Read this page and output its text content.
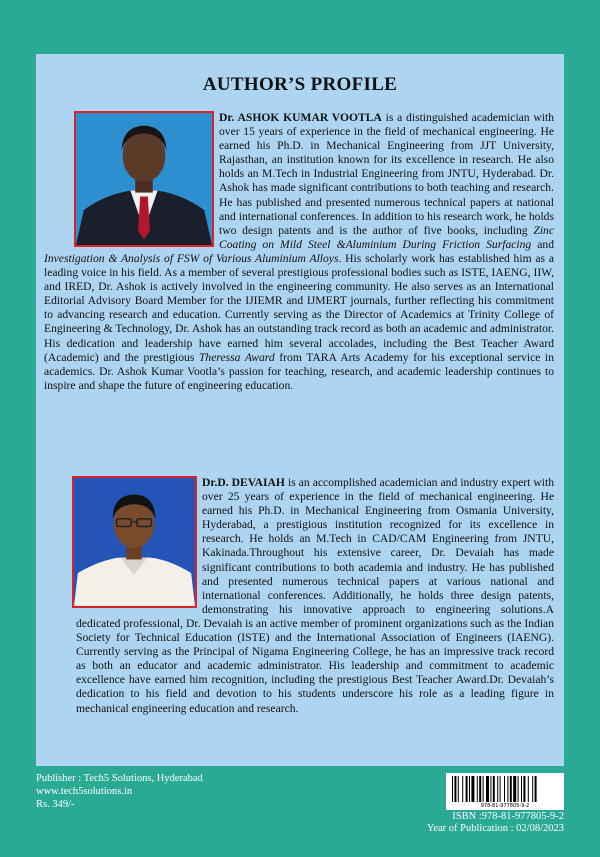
AUTHOR’S PROFILE

Dr. ASHOK KUMAR VOOTLA is a distinguished academician with over 15 years of experience in the field of mechanical engineering. He earned his Ph.D. in Mechanical Engineering from JJT University, Rajasthan, an institution known for its excellence in research. He also holds an M.Tech in Industrial Engineering from JNTU, Hyderabad. Dr. Ashok has made significant contributions to both teaching and research. He has published and presented numerous technical papers at national and international conferences. In addition to his research work, he holds two design patents and is the author of five books, including Zinc Coating on Mild Steel &Aluminium During Friction Surfacing and Investigation & Analysis of FSW of Various Aluminium Alloys. His scholarly work has established him as a leading voice in his field. As a member of several prestigious professional bodies such as ISTE, IAENG, IIW, and IRED, Dr. Ashok is actively involved in the engineering community. He also serves as an International Editorial Advisory Board Member for the IJIEMR and IJMERT journals, further reflecting his commitment to advancing research and education. Currently serving as the Director of Academics at Trinity College of Engineering & Technology, Dr. Ashok has an outstanding track record as both an academic and administrator. His dedication and leadership have earned him several accolades, including the Best Teacher Award (Academic) and the prestigious Theressa Award from TARA Arts Academy for his exceptional service in academics. Dr. Ashok Kumar Vootla’s passion for teaching, research, and academic leadership continues to inspire and shape the future of engineering education.

Dr.D. DEVAIAH is an accomplished academician and industry expert with over 25 years of experience in the field of mechanical engineering. He earned his Ph.D. in Mechanical Engineering from Osmania University, Hyderabad, a prestigious institution recognized for its excellence in research. He holds an M.Tech in CAD/CAM Engineering from JNTU, Kakinada.Throughout his extensive career, Dr. Devaiah has made significant contributions to both academia and industry. He has published and presented numerous technical papers at various national and international conferences. Additionally, he holds three design patents, demonstrating his innovative approach to engineering solutions.A dedicated professional, Dr. Devaiah is an active member of prominent organizations such as the Indian Society for Technical Education (ISTE) and the International Association of Engineers (IAENG). Currently serving as the Principal of Nigama Engineering College, he has an impressive track record as both an educator and academic administrator. His leadership and commitment to academic excellence have earned him recognition, including the prestigious Best Teacher Award.Dr. Devaiah’s dedication to his field and devotion to his students underscore his role as a leading figure in mechanical engineering education and research.

Publisher : Tech5 Solutions, Hyderabad
www.tech5solutions.in
Rs. 349/-	978-81-977805-9-2
ISBN :978-81-977805-9-2
Year of Publication : 02/08/2023
